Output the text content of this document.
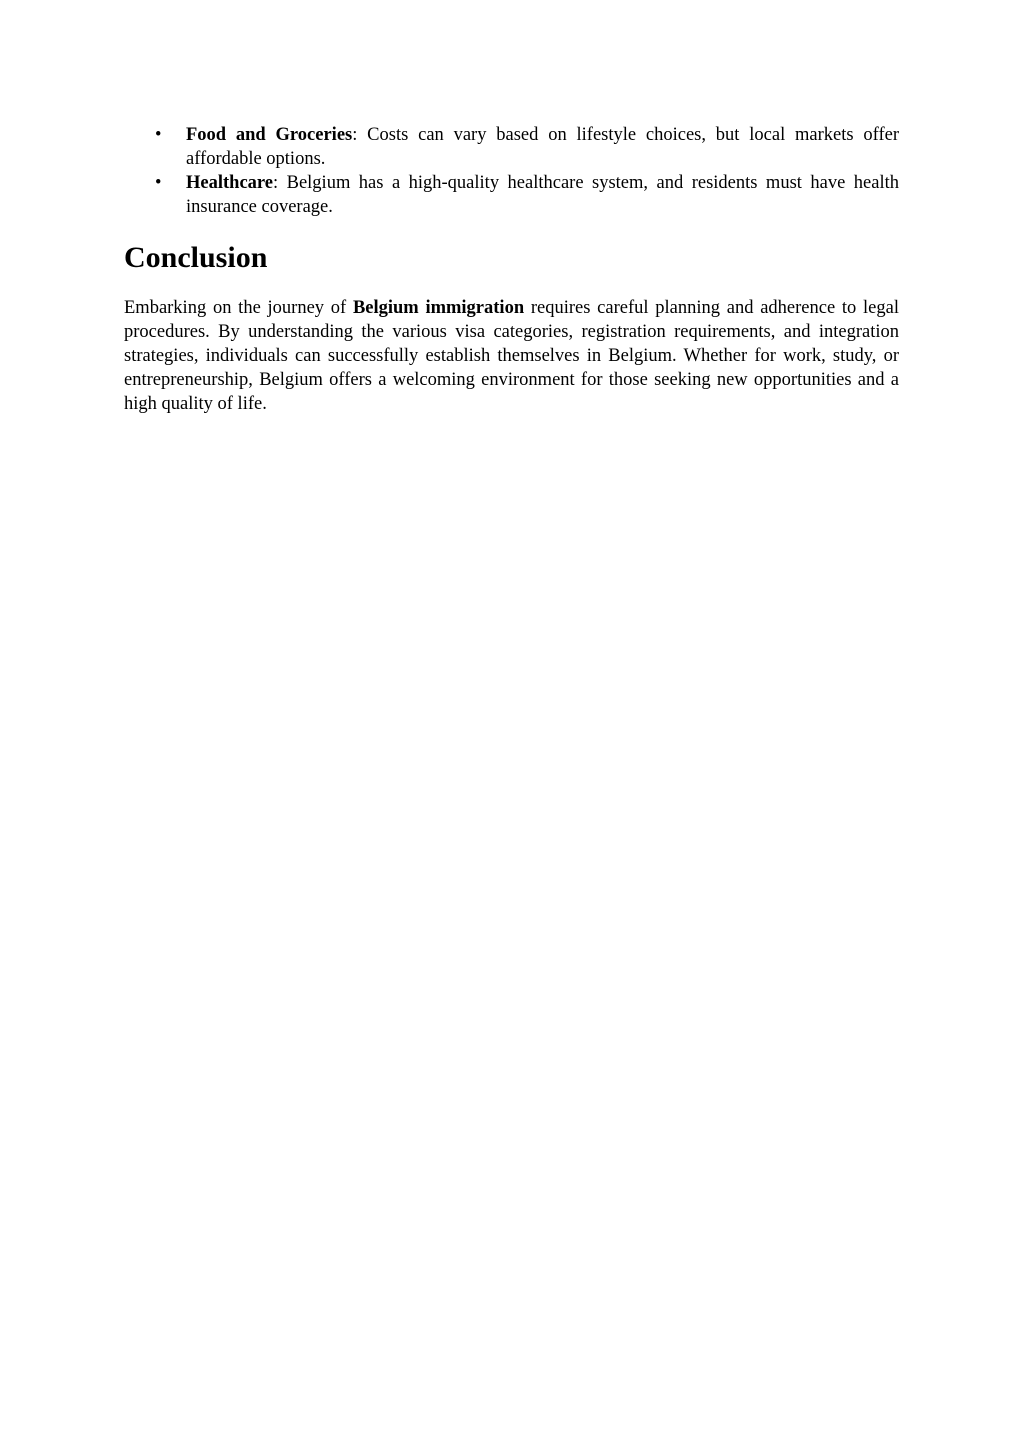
• Food and Groceries: Costs can vary based on lifestyle choices, but local markets offer affordable options.
• Healthcare: Belgium has a high-quality healthcare system, and residents must have health insurance coverage.
Conclusion

Embarking on the journey of Belgium immigration requires careful planning and adherence to legal procedures. By understanding the various visa categories, registration requirements, and integration strategies, individuals can successfully establish themselves in Belgium. Whether for work, study, or entrepreneurship, Belgium offers a welcoming environment for those seeking new opportunities and a high quality of life.
